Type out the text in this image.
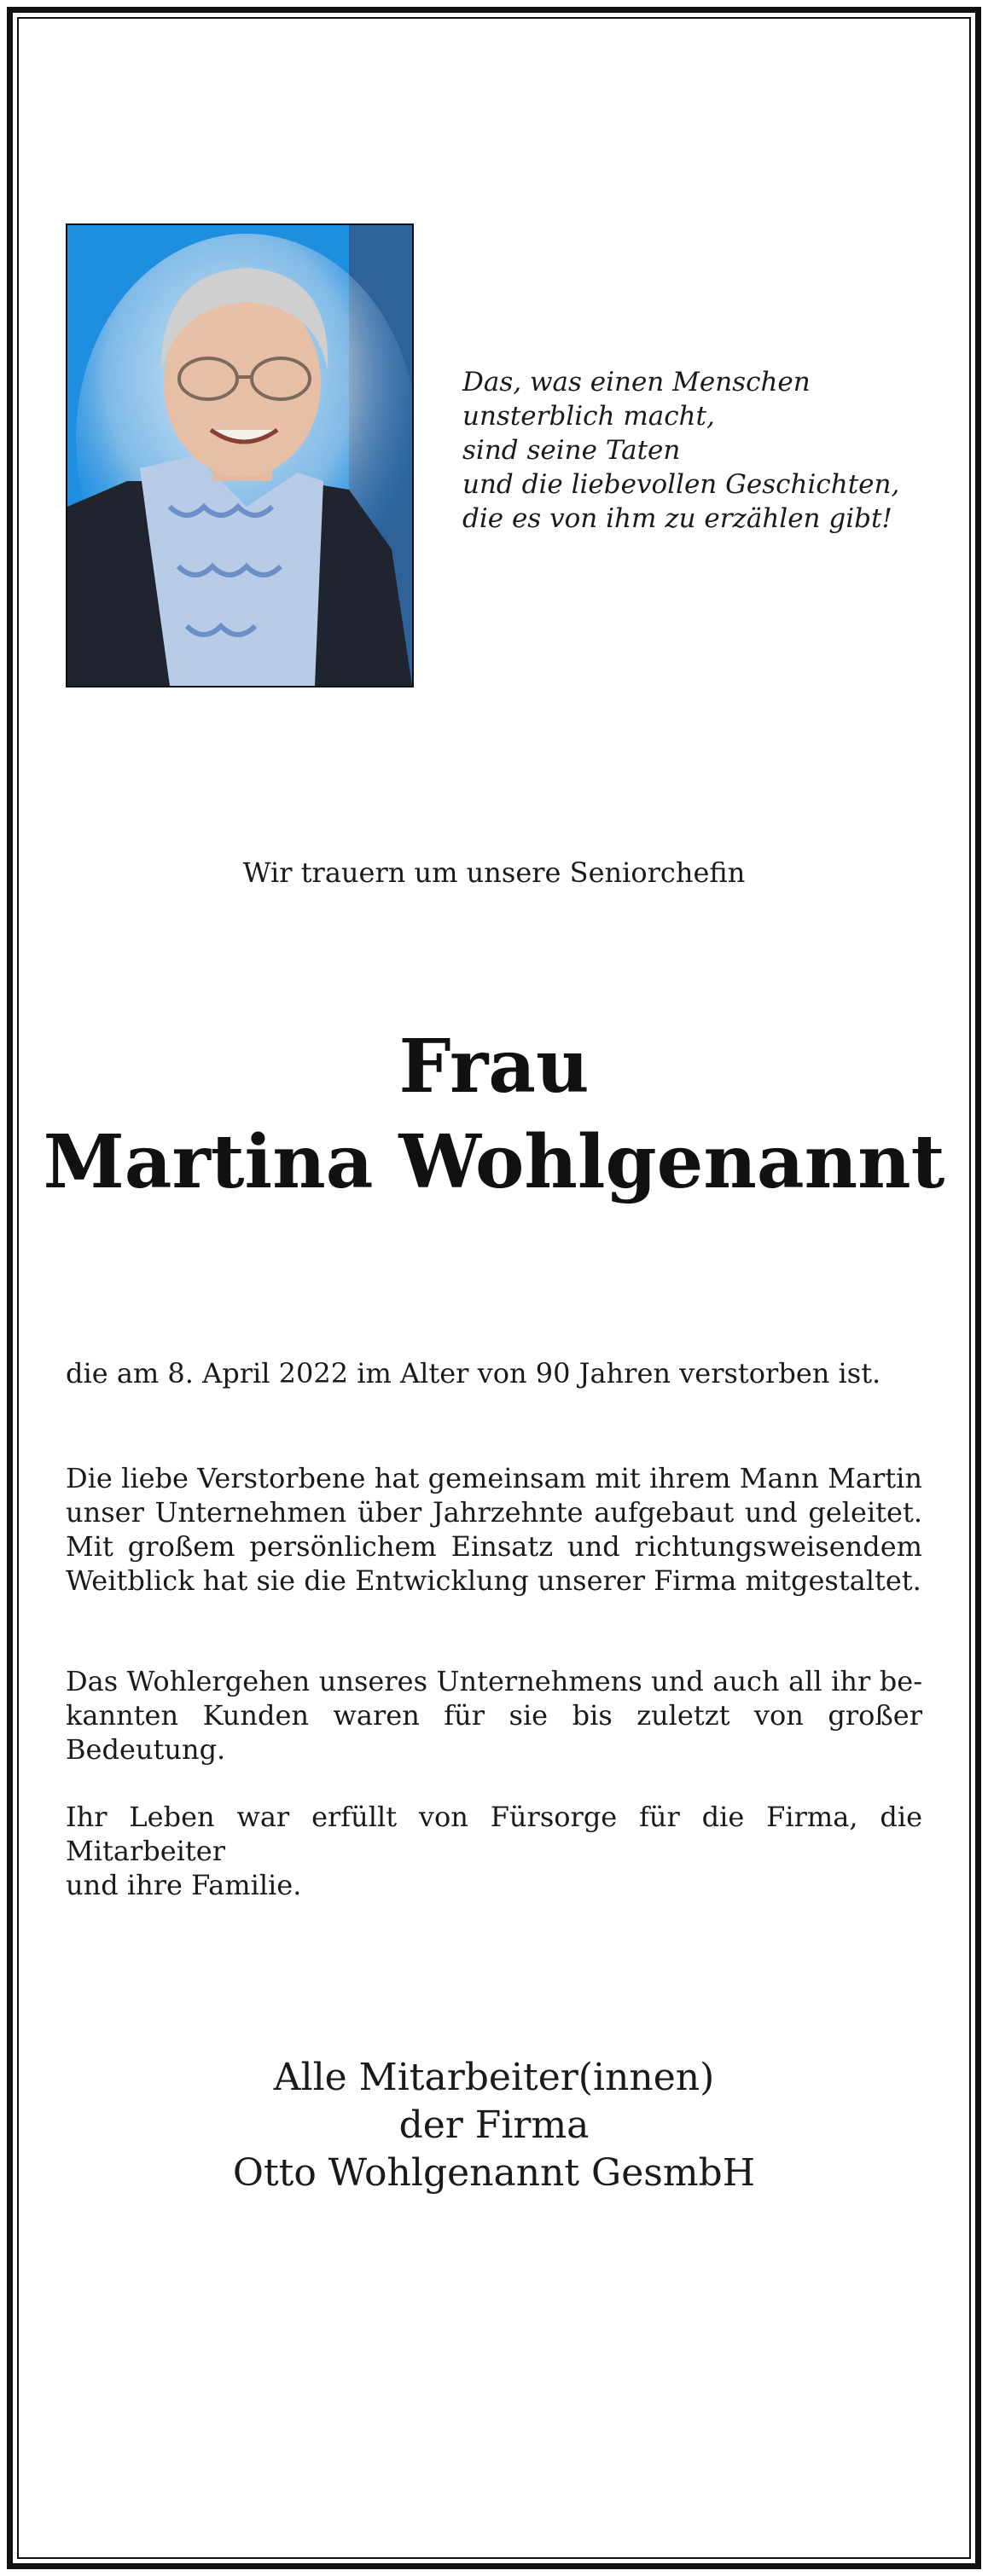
Das, was einen Menschen
unsterblich macht,
sind seine Taten
und die liebevollen Geschichten,
die es von ihm zu erzählen gibt!
Wir trauern um unsere Seniorchefin
Frau
Martina Wohlgenannt
die am 8. April 2022 im Alter von 90 Jahren verstorben ist.
Die liebe Verstorbene hat gemeinsam mit ihrem Mann Martin
unser Unternehmen über Jahrzehnte aufgebaut und geleitet.
Mit großem persönlichem Einsatz und richtungsweisendem
Weitblick hat sie die Entwicklung unserer Firma mitgestaltet.
Das Wohlergehen unseres Unternehmens und auch all ihr be-
kannten Kunden waren für sie bis zuletzt von großer Bedeutung.
Ihr Leben war erfüllt von Fürsorge für die Firma, die Mitarbeiter
und ihre Familie.
Alle Mitarbeiter(innen)
der Firma
Otto Wohlgenannt GesmbH
